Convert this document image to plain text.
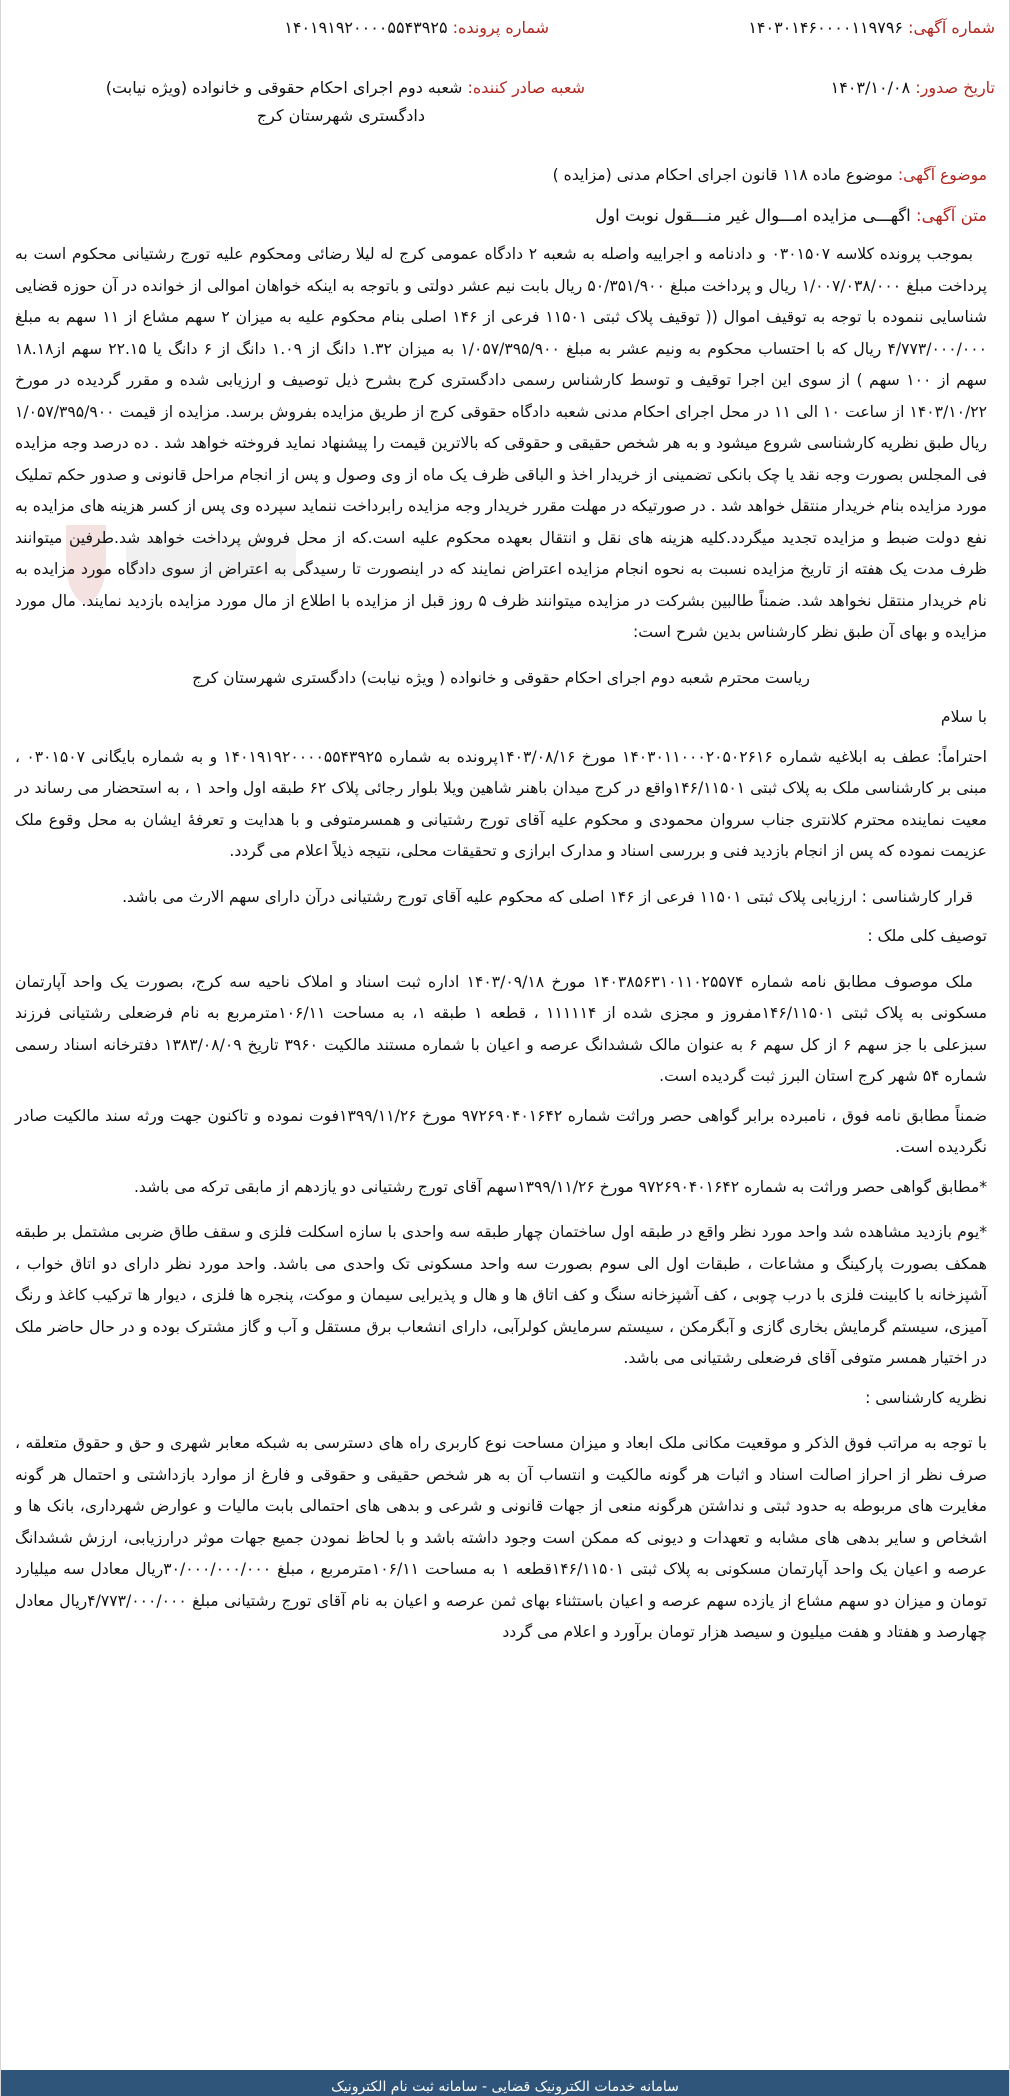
شماره آگهی: ۱۴۰۳۰۱۴۶۰۰۰۰۱۱۹۷۹۶
تاریخ صدور: ۱۴۰۳/۱۰/۰۸
شماره پرونده: ۱۴۰۱۹۱۹۲۰۰۰۰۵۵۴۳۹۲۵
شعبه صادر کننده: شعبه دوم اجرای احکام حقوقی و خانواده (ویژه نیابت)
دادگستری شهرستان کرج

موضوع آگهی: موضوع ماده ۱۱۸ قانون اجرای احکام مدنی (مزایده )

متن آگهی: اگهـــی مزایده امـــوال غیر منـــقول نوبت اول

بموجب پرونده کلاسه ۰۳۰۱۵۰۷ و دادنامه و اجراییه واصله به شعبه ۲ دادگاه عمومی کرج له لیلا رضائی ومحکوم علیه تورج رشتیانی محکوم است به پرداخت مبلغ ۱/۰۰۷/۰۳۸/۰۰۰ ریال و پرداخت مبلغ ۵۰/۳۵۱/۹۰۰ ریال بابت نیم عشر دولتی و باتوجه به اینکه خواهان اموالی از خوانده در آن حوزه قضایی شناسایی ننموده با توجه به توقیف اموال (( توقیف پلاک ثبتی ۱۱۵۰۱ فرعی از ۱۴۶ اصلی بنام محکوم علیه به میزان ۲ سهم مشاع از ۱۱ سهم به مبلغ ۴/۷۷۳/۰۰۰/۰۰۰ ریال که با احتساب محکوم به ونیم عشر به مبلغ ۱/۰۵۷/۳۹۵/۹۰۰ به میزان ۱.۳۲ دانگ از ۱.۰۹ دانگ از ۶ دانگ یا ۲۲.۱۵ سهم از۱۸.۱۸ سهم از ۱۰۰ سهم ) از سوی این اجرا توقیف و توسط کارشناس رسمی دادگستری کرج بشرح ذیل توصیف و ارزیابی شده و مقرر گردیده در مورخ ۱۴۰۳/۱۰/۲۲ از ساعت ۱۰ الی ۱۱ در محل اجرای احکام مدنی شعبه دادگاه حقوقی کرج از طریق مزایده بفروش برسد. مزایده از قیمت ۱/۰۵۷/۳۹۵/۹۰۰ ریال طبق نظریه کارشناسی شروع میشود و به هر شخص حقیقی و حقوقی که بالاترین قیمت را پیشنهاد نماید فروخته خواهد شد . ده درصد وجه مزایده فی المجلس بصورت وجه نقد یا چک بانکی تضمینی از خریدار اخذ و الباقی ظرف یک ماه از وی وصول و پس از انجام مراحل قانونی و صدور حکم تملیک مورد مزایده بنام خریدار منتقل خواهد شد . در صورتیکه در مهلت مقرر خریدار وجه مزایده رابرداخت ننماید سپرده وی پس از کسر هزینه های مزایده به نفع دولت ضبط و مزایده تجدید میگردد.کلیه هزینه های نقل و انتقال بعهده محکوم علیه است.که از محل فروش پرداخت خواهد شد.طرفین میتوانند ظرف مدت یک هفته از تاریخ مزایده نسبت به نحوه انجام مزایده اعتراض نمایند که در اینصورت تا رسیدگی به اعتراض از سوی دادگاه مورد مزایده به نام خریدار منتقل نخواهد شد. ضمناً طالبین بشرکت در مزایده میتوانند ظرف ۵ روز قبل از مزایده با اطلاع از مال مورد مزایده بازدید نمایند. مال مورد مزایده و بهای آن طبق نظر کارشناس بدین شرح است:

ریاست محترم شعبه دوم اجرای احکام حقوقی و خانواده ( ویژه نیابت) دادگستری شهرستان کرج

با سلام

احتراماً: عطف به ابلاغیه شماره ۱۴۰۳۰۱۱۰۰۰۲۰۵۰۲۶۱۶ مورخ ۱۴۰۳/۰۸/۱۶پرونده به شماره ۱۴۰۱۹۱۹۲۰۰۰۰۵۵۴۳۹۲۵ و به شماره بایگانی ۰۳۰۱۵۰۷ ، مبنی بر کارشناسی ملک به پلاک ثبتی ۱۴۶/۱۱۵۰۱واقع در کرج میدان باهنر شاهین ویلا بلوار رجائی پلاک ۶۲ طبقه اول واحد ۱ ، به استحضار می رساند در معیت نماینده محترم کلانتری جناب سروان محمودی و محکوم علیه آقای تورج رشتیانی و همسرمتوفی و با هدایت و تعرفهٔ ایشان به محل وقوع ملک عزیمت نموده که پس از انجام بازدید فنی و بررسی اسناد و مدارک ابرازی و تحقیقات محلی، نتیجه ذیلاً اعلام می گردد.

قرار کارشناسی : ارزیابی پلاک ثبتی ۱۱۵۰۱ فرعی از ۱۴۶ اصلی که محکوم علیه آقای تورج رشتیانی درآن دارای سهم الارث می باشد.

توصیف کلی ملک :

ملک موصوف مطابق نامه شماره ۱۴۰۳۸۵۶۳۱۰۱۱۰۲۵۵۷۴ مورخ ۱۴۰۳/۰۹/۱۸ اداره ثبت اسناد و املاک ناحیه سه کرج، بصورت یک واحد آپارتمان مسکونی به پلاک ثبتی ۱۴۶/۱۱۵۰۱مفروز و مجزی شده از ۱۱۱۱۱۴ ، قطعه ۱ طبقه ۱، به مساحت ۱۰۶/۱۱مترمربع به نام فرضعلی رشتیانی فرزند سبزعلی با جز سهم ۶ از کل سهم ۶ به عنوان مالک ششدانگ عرصه و اعیان با شماره مستند مالکیت ۳۹۶۰ تاریخ ۱۳۸۳/۰۸/۰۹ دفترخانه اسناد رسمی شماره ۵۴ شهر کرج استان البرز ثبت گردیده است.

ضمناً مطابق نامه فوق ، نامبرده برابر گواهی حصر وراثت شماره ۹۷۲۶۹۰۴۰۱۶۴۲ مورخ ۱۳۹۹/۱۱/۲۶فوت نموده و تاکنون جهت ورثه سند مالکیت صادر نگردیده است.

*مطابق گواهی حصر وراثت به شماره ۹۷۲۶۹۰۴۰۱۶۴۲ مورخ ۱۳۹۹/۱۱/۲۶سهم آقای تورج رشتیانی دو یازدهم از مابقی ترکه می باشد.

*یوم بازدید مشاهده شد واحد مورد نظر واقع در طبقه اول ساختمان چهار طبقه سه واحدی با سازه اسکلت فلزی و سقف طاق ضربی مشتمل بر طبقه همکف بصورت پارکینگ و مشاعات ، طبقات اول الی سوم بصورت سه واحد مسکونی تک واحدی می باشد. واحد مورد نظر دارای دو اتاق خواب ، آشپزخانه با کابینت فلزی با درب چوبی ، کف آشپزخانه سنگ و کف اتاق ها و هال و پذیرایی سیمان و موکت، پنجره ها فلزی ، دیوار ها ترکیب کاغذ و رنگ آمیزی، سیستم گرمایش بخاری گازی و آبگرمکن ، سیستم سرمایش کولرآبی، دارای انشعاب برق مستقل و آب و گاز مشترک بوده و در حال حاضر ملک در اختیار همسر متوفی آقای فرضعلی رشتیانی می باشد.

نظریه کارشناسی :

با توجه به مراتب فوق الذکر و موقعیت مکانی ملک ابعاد و میزان مساحت نوع کاربری راه های دسترسی به شبکه معابر شهری و حق و حقوق متعلقه ، صرف نظر از احراز اصالت اسناد و اثبات هر گونه مالکیت و انتساب آن به هر شخص حقیقی و حقوقی و فارغ از موارد بازداشتی و احتمال هر گونه مغایرت های مربوطه به حدود ثبتی و نداشتن هرگونه منعی از جهات قانونی و شرعی و بدهی های احتمالی بابت مالیات و عوارض شهرداری، بانک ها و اشخاص و سایر بدهی های مشابه و تعهدات و دیونی که ممکن است وجود داشته باشد و با لحاظ نمودن جمیع جهات موثر درارزیابی، ارزش ششدانگ عرصه و اعیان یک واحد آپارتمان مسکونی به پلاک ثبتی ۱۴۶/۱۱۵۰۱قطعه ۱ به مساحت ۱۰۶/۱۱مترمربع ، مبلغ ۳۰/۰۰۰/۰۰۰/۰۰۰ریال معادل سه میلیارد تومان و میزان دو سهم مشاع از یازده سهم عرصه و اعیان باستثناء بهای ثمن عرصه و اعیان به نام آقای تورج رشتیانی مبلغ ۴/۷۷۳/۰۰۰/۰۰۰ریال معادل چهارصد و هفتاد و هفت میلیون و سیصد هزار تومان برآورد و اعلام می گردد

سامانه خدمات الکترونیک قضایی - سامانه ثبت نام الکترونیک
